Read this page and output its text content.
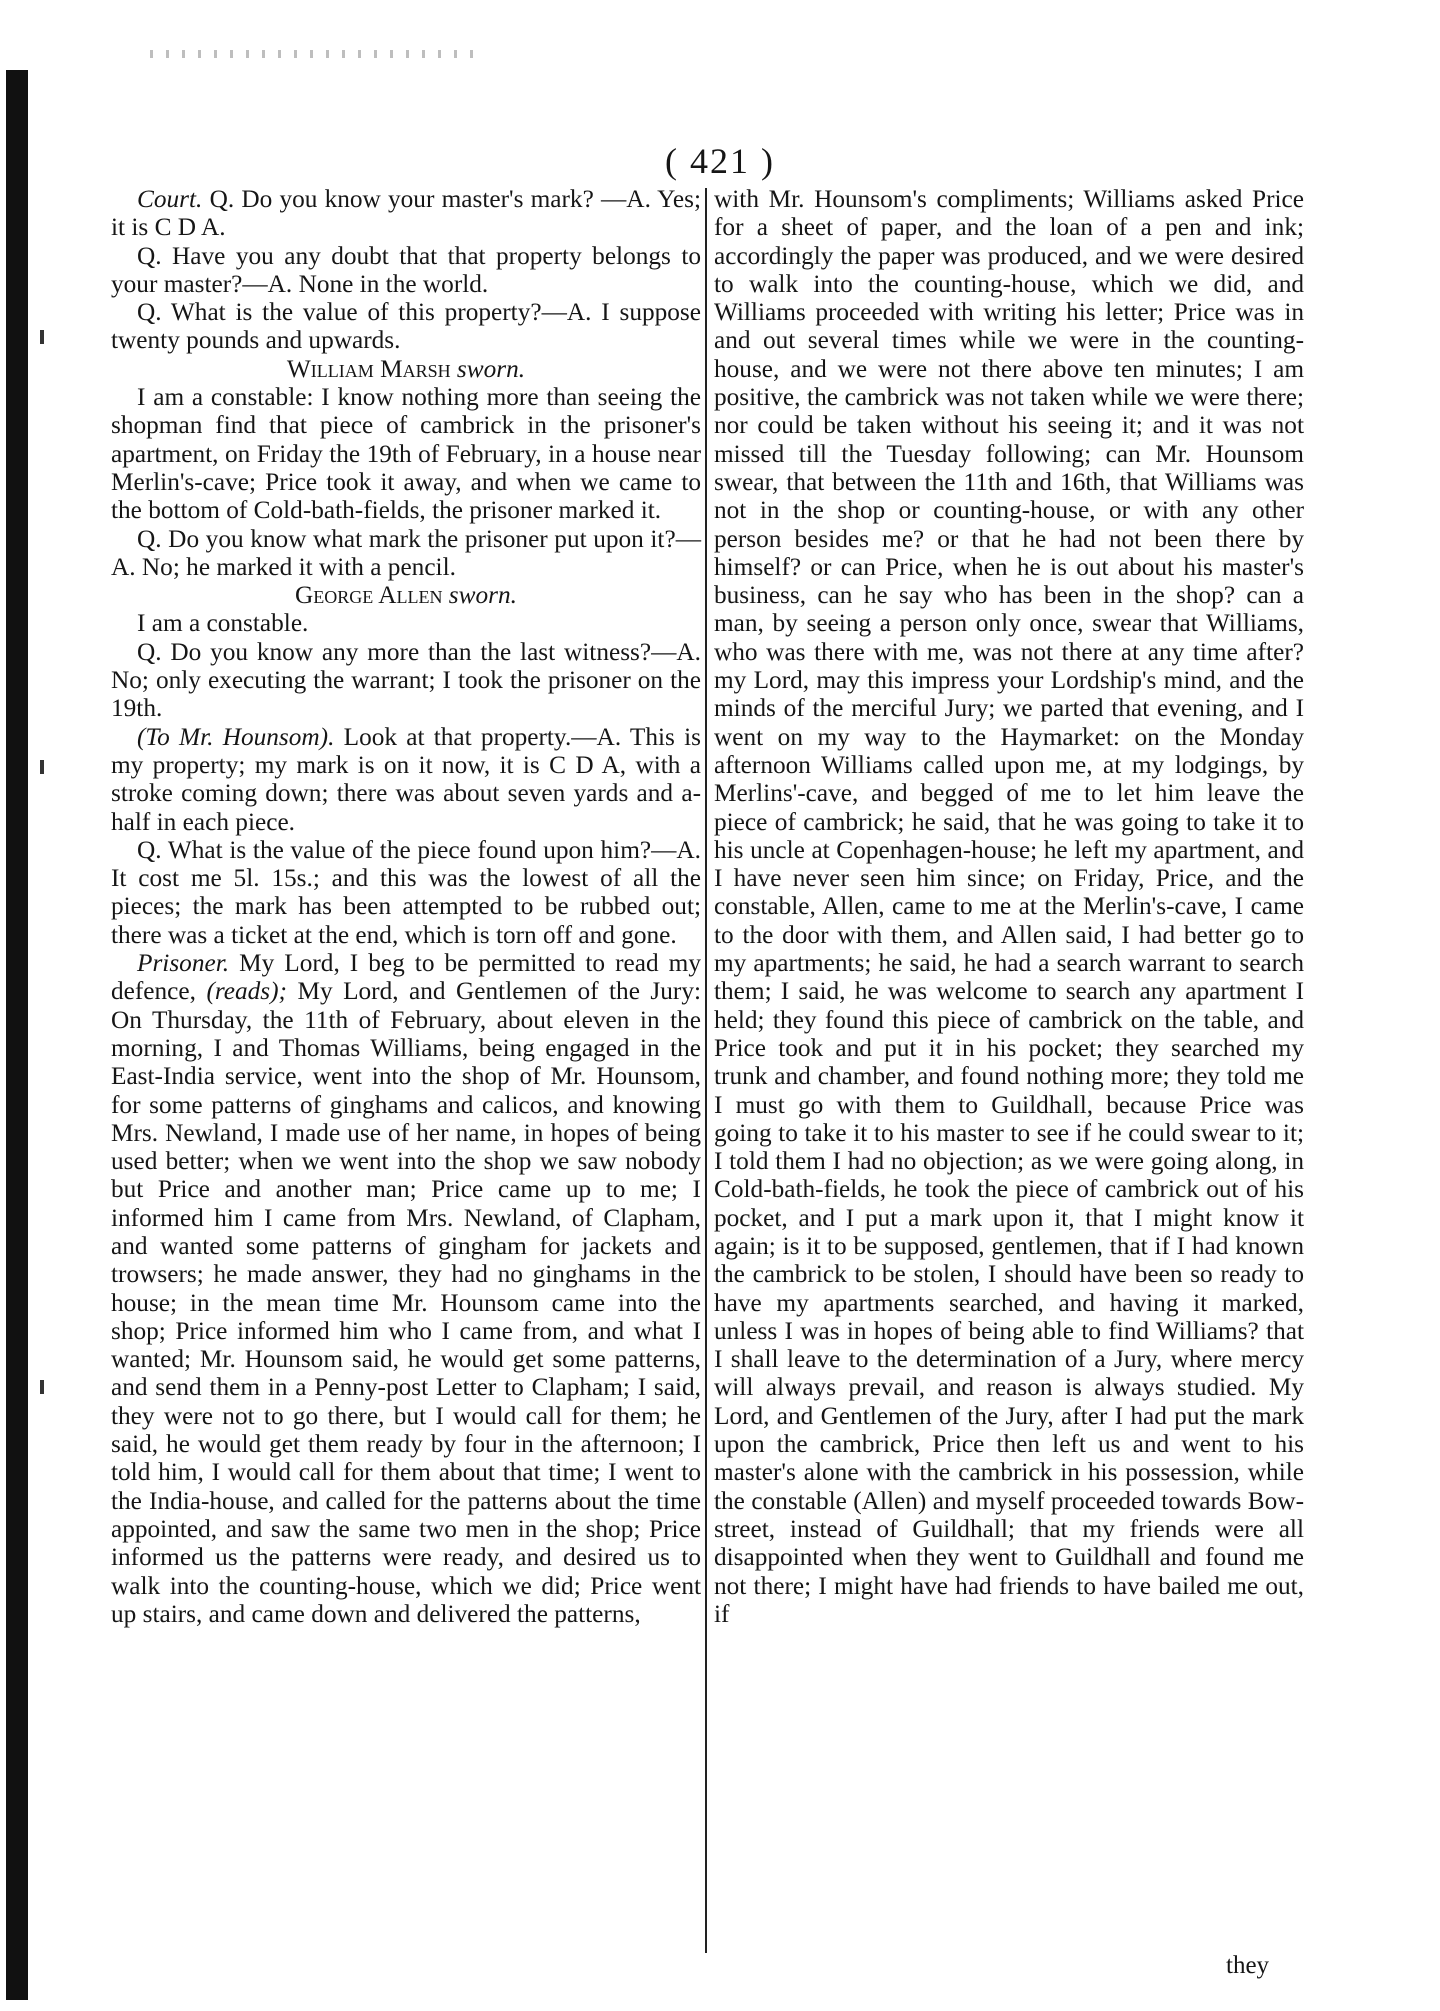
( 421 )

Court. Q. Do you know your master's mark? —A. Yes; it is C D A.

Q. Have you any doubt that that property belongs to your master?—A. None in the world.

Q. What is the value of this property?—A. I suppose twenty pounds and upwards.

William Marsh sworn.

I am a constable: I know nothing more than seeing the shopman find that piece of cambrick in the prisoner's apartment, on Friday the 19th of February, in a house near Merlin's-cave; Price took it away, and when we came to the bottom of Cold-bath-fields, the prisoner marked it.

Q. Do you know what mark the prisoner put upon it?—A. No; he marked it with a pencil.

George Allen sworn.

I am a constable.

Q. Do you know any more than the last witness?—A. No; only executing the warrant; I took the prisoner on the 19th.

(To Mr. Hounsom). Look at that property.—A. This is my property; my mark is on it now, it is C D A, with a stroke coming down; there was about seven yards and a-half in each piece.

Q. What is the value of the piece found upon him?—A. It cost me 5l. 15s.; and this was the lowest of all the pieces; the mark has been attempted to be rubbed out; there was a ticket at the end, which is torn off and gone.

Prisoner. My Lord, I beg to be permitted to read my defence, (reads); My Lord, and Gentlemen of the Jury: On Thursday, the 11th of February, about eleven in the morning, I and Thomas Williams, being engaged in the East-India service, went into the shop of Mr. Hounsom, for some patterns of ginghams and calicos, and knowing Mrs. Newland, I made use of her name, in hopes of being used better; when we went into the shop we saw nobody but Price and another man; Price came up to me; I informed him I came from Mrs. Newland, of Clapham, and wanted some patterns of gingham for jackets and trowsers; he made answer, they had no ginghams in the house; in the mean time Mr. Hounsom came into the shop; Price informed him who I came from, and what I wanted; Mr. Hounsom said, he would get some patterns, and send them in a Penny-post Letter to Clapham; I said, they were not to go there, but I would call for them; he said, he would get them ready by four in the afternoon; I told him, I would call for them about that time; I went to the India-house, and called for the patterns about the time appointed, and saw the same two men in the shop; Price informed us the patterns were ready, and desired us to walk into the counting-house, which we did; Price went up stairs, and came down and delivered the patterns,

with Mr. Hounsom's compliments; Williams asked Price for a sheet of paper, and the loan of a pen and ink; accordingly the paper was produced, and we were desired to walk into the counting-house, which we did, and Williams proceeded with writing his letter; Price was in and out several times while we were in the counting-house, and we were not there above ten minutes; I am positive, the cambrick was not taken while we were there; nor could be taken without his seeing it; and it was not missed till the Tuesday following; can Mr. Hounsom swear, that between the 11th and 16th, that Williams was not in the shop or counting-house, or with any other person besides me? or that he had not been there by himself? or can Price, when he is out about his master's business, can he say who has been in the shop? can a man, by seeing a person only once, swear that Williams, who was there with me, was not there at any time after? my Lord, may this impress your Lordship's mind, and the minds of the merciful Jury; we parted that evening, and I went on my way to the Haymarket: on the Monday afternoon Williams called upon me, at my lodgings, by Merlins'-cave, and begged of me to let him leave the piece of cambrick; he said, that he was going to take it to his uncle at Copenhagen-house; he left my apartment, and I have never seen him since; on Friday, Price, and the constable, Allen, came to me at the Merlin's-cave, I came to the door with them, and Allen said, I had better go to my apartments; he said, he had a search warrant to search them; I said, he was welcome to search any apartment I held; they found this piece of cambrick on the table, and Price took and put it in his pocket; they searched my trunk and chamber, and found nothing more; they told me I must go with them to Guildhall, because Price was going to take it to his master to see if he could swear to it; I told them I had no objection; as we were going along, in Cold-bath-fields, he took the piece of cambrick out of his pocket, and I put a mark upon it, that I might know it again; is it to be supposed, gentlemen, that if I had known the cambrick to be stolen, I should have been so ready to have my apartments searched, and having it marked, unless I was in hopes of being able to find Williams? that I shall leave to the determination of a Jury, where mercy will always prevail, and reason is always studied. My Lord, and Gentlemen of the Jury, after I had put the mark upon the cambrick, Price then left us and went to his master's alone with the cambrick in his possession, while the constable (Allen) and myself proceeded towards Bow-street, instead of Guildhall; that my friends were all disappointed when they went to Guildhall and found me not there; I might have had friends to have bailed me out, if

they
